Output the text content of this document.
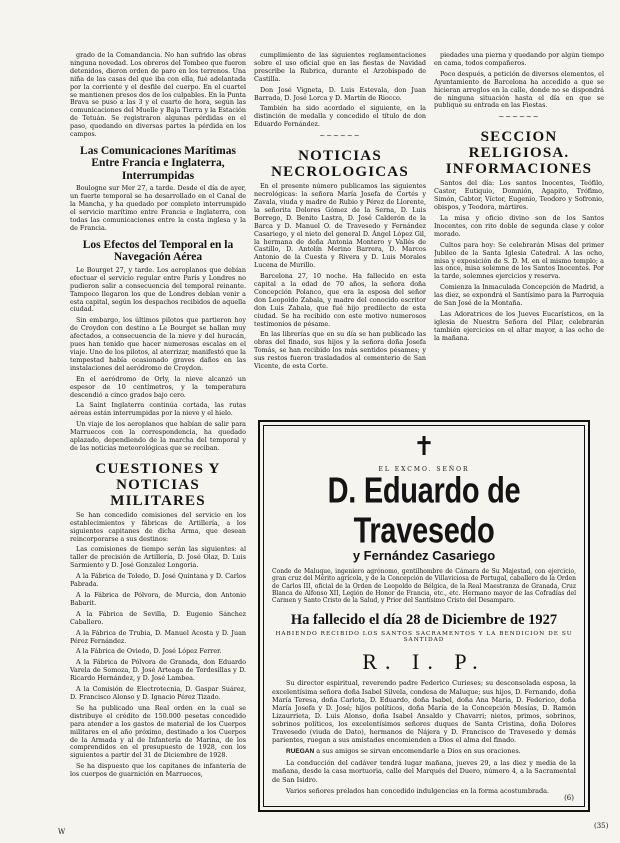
grado de la Comandancia. No han sufrido las obras ninguna novedad. Los obreros del Tombeo que fueron detenidos, dieron orden de paro en los terrenos. Una niña de las casas del que iba con ella, fué adelantada por la corriente y el desfile del cuerpo. En el cuartel se mantienen presos dos de los culpables. En la Punta Brava se puso a las 3 y el cuarto de hora, según las comunicaciones del Muelle y Baja Tierra y la Estación de Tetuán. Se registraron algunas pérdidas en el paso, quedando en diversas partes la pérdida en los campos.

Las Comunicaciones Marítimas Entre Francia e Inglaterra, Interrumpidas

Boulogne sur Mer 27, a tarde. Desde el día de ayer, un fuerte temporal se ha desarrollado en el Canal de la Mancha, y ha quedado por completo interrumpido el servicio marítimo entre Francia e Inglaterra, con todas las comunicaciones entre la costa inglesa y la de Francia.

Los Efectos del Temporal en la Navegación Aérea

Le Bourget 27, y tarde. Los aeroplanos que debían efectuar el servicio regular entre París y Londres no pudieron salir a consecuencia del temporal reinante. Tampoco llegaron los que de Londres debían venir a esta capital, según los despachos recibidos de aquella ciudad.

Sin embargo, los últimos pilotos que partieron hoy de Croydon con destino a Le Bourget se hallan muy afectados, a consecuencia de la nieve y del huracán, pues han tenido que hacer numerosas escalas en el viaje. Uno de los pilotos, al aterrizar, manifestó que la tempestad había ocasionado graves daños en las instalaciones del aeródromo de Croydon.

En el aeródromo de Orly, la nieve alcanzó un espesor de 10 centímetros, y la temperatura descendió a cinco grados bajo cero.

La Saint Inglaterra continúa cortada, las rutas aéreas están interrumpidas por la nieve y el hielo.

Un viaje de los aeroplanos que habían de salir para Marruecos con la correspondencia, ha quedado aplazado, dependiendo de la marcha del temporal y de las noticias meteorológicas que se reciban.

CUESTIONES Y NOTICIAS MILITARES

Se han concedido comisiones del servicio en los establecimientos y fábricas de Artillería, a los siguientes capitanes de dicha Arma, que desean reincorporarse a sus destinos:

Las comisiones de tiempo serán las siguientes: al taller de precisión de Artillería, D. José Olaz, D. Luis Sarmiento y D. José Gonzalez Longoria.

A la Fábrica de Toledo, D. José Quintana y D. Carlos Pabrada.

A la Fábrica de Pólvora, de Murcia, don Antonio Babarit.

A la Fábrica de Sevilla, D. Eugenio Sánchez Caballero.

A la Fábrica de Trubia, D. Manuel Acosta y D. Juan Pérez Fernández.

A la Fábrica de Oviedo, D. José López Ferrer.

A la Fábrica de Pólvora de Granada, don Eduardo Varela de Somoza, D. José Arteaga de Tordesillas y D. Ricardo Hernández, y D. José Lambea.

A la Comisión de Electrotecnia, D. Gaspar Suárez, D. Francisco Alonso y D. Ignacio Pérez Tizado.

Se ha publicado una Real orden en la cual se distribuye el crédito de 150.000 pesetas concedido para atender a los gastos de material de los Cuerpos militares en el año próximo, destinado a los Cuerpos de la Armada y al de Infantería de Marina, de los comprendidos en el presupuesto de 1928, con los siguientes a partir del 31 de Diciembre de 1928.

Se ha dispuesto que los capitanes de infantería de los cuerpos de guarnición en Marruecos,

cumplimiento de las siguientes reglamentaciones sobre el uso oficial que en las fiestas de Navidad prescribe la Rubrica, durante el Arzobispado de Castilla.

Don José Vigneta, D. Luis Estevala, don Juan Barrada, D. José Lorca y D. Martín de Riocco.

También ha sido acordado el siguiente, en la distinción de medalla y concedido el título de don Eduardo Fernández.

~~~~~~
NOTICIAS NECROLOGICAS

En el presente número publicamos las siguientes necrológicas: la señora María Josefa de Cortés y Zavala, viuda y madre de Rubio y Pérez de Llorente, la señorita Dolores Gómez de la Serna, D. Luis Borrego, D. Benito Lastra, D. José Calderón de la Barca y D. Manuel O. de Travesedo y Fernández Casariego, y el nieto del general D. Ángel López Gil, la hermana de doña Antonia Montero y Vallés de Castillo, D. Antolín Merino Barrera, D. Marcos Antonio de la Cuesta y Rivera y D. Luis Morales Lucena de Murillo.

Barcelona 27, 10 noche. Ha fallecido en esta capital a la edad de 70 años, la señora doña Concepción Polanco, que era la esposa del señor don Leopoldo Zabala, y madre del conocido escritor don Luis Zabala, que fué hijo predilecto de esta ciudad. Se ha recibido con este motivo numerosos testimonios de pésame.

En las librerías que en su día se han publicado las obras del finado, sus hijos y la señora doña Josefa Tomás, se han recibido los más sentidos pésames; y sus restos fueron trasladados al cementerio de San Vicente, de esta Corte.

piedades una pierna y quedando por algún tiempo en cama, todos compañeros.

Poco después, a petición de diversos elementos, el Ayuntamiento de Barcelona ha accedido a que se hicieran arreglos en la calle, donde no se dispondrá de ninguna situación hasta el día en que se publique su entrada en las Fiestas.

~~~~~~
SECCION RELIGIOSA. INFORMACIONES

Santos del día: Los santos Inocentes, Teófilo, Castor, Eutiquio, Domnión, Agapito, Trófimo, Simón, Cabtor, Víctor, Eugenio, Teodoro y Sofronio, obispos, y Teodora, mártires.

La misa y oficio divino son de los Santos Inocentes, con rito doble de segunda clase y color morado.

Cultos para hoy: Se celebrarán Misas del primer Jubileo de la Santa Iglesia Catedral. A las ocho, misa y exposición de S. D. M. en el mismo templo; a las once, misa solemne de los Santos Inocentes. Por la tarde, solemnes ejercicios y reserva.

Comienza la Inmaculada Concepción de Madrid, a las diez, se expondrá el Santísimo para la Parroquia de San José de la Montaña.

Las Adoratrices de los Jueves Eucarísticos, en la iglesia de Nuestra Señora del Pilar, celebrarán también ejercicios en el altar mayor, a las ocho de la mañana.

✝
EL EXCMO. SEÑOR
D. Eduardo de Travesedo
y Fernández Casariego
Conde de Maluque, ingeniero agrónomo, gentilhombre de Cámara de Su Majestad, con ejercicio, gran cruz del Mérito agrícola, y de la Concepción de Villaviciosa de Portugal, caballero de la Orden de Carlos III, oficial de la Orden de Leopoldo de Bélgica, de la Real Maestranza de Granada, Cruz Blanca de Alfonso XII, Legión de Honor de Francia, etc., etc. Hermano mayor de las Cofradías del Carmen y Santo Cristo de la Salud, y Prior del Santísimo Cristo del Desamparo.
Ha fallecido el día 28 de Diciembre de 1927
HABIENDO RECIBIDO LOS SANTOS SACRAMENTOS Y LA BENDICION DE SU SANTIDAD
R. I. P.
Su director espiritual, reverendo padre Federico Curieses; su desconsolada esposa, la excelentísima señora doña Isabel Silvela, condesa de Maluque; sus hijos, D. Fernando, doña María Teresa, doña Carlota, D. Eduardo, doña Isabel, doña Ana María, D. Federico, doña María Josefa y D. José; hijos políticos, doña María de la Concepción Mesías, D. Ramón Lizaurrieta, D. Luis Alonso, doña Isabel Ansaldo y Chavarri; nietos, primos, sobrinos, sobrinos políticos, los excelentísimos señores duques de Santa Cristina, doña Dolores Travesedo (viuda de Dato), hermanos de Nájera y D. Francisco de Travesedo y demás parientes, ruegan a sus amistades encomienden a Dios el alma del finado.
RUEGAN a sus amigos se sirvan encomendarle a Dios en sus oraciones.
La conducción del cadáver tendrá lugar mañana, jueves 29, a las diez y media de la mañana, desde la casa mortuoria, calle del Marqués del Duero, número 4, a la Sacramental de San Isidro.
Varios señores prelados han concedido indulgencias en la forma acostumbrada.
(6)
(35)
W
